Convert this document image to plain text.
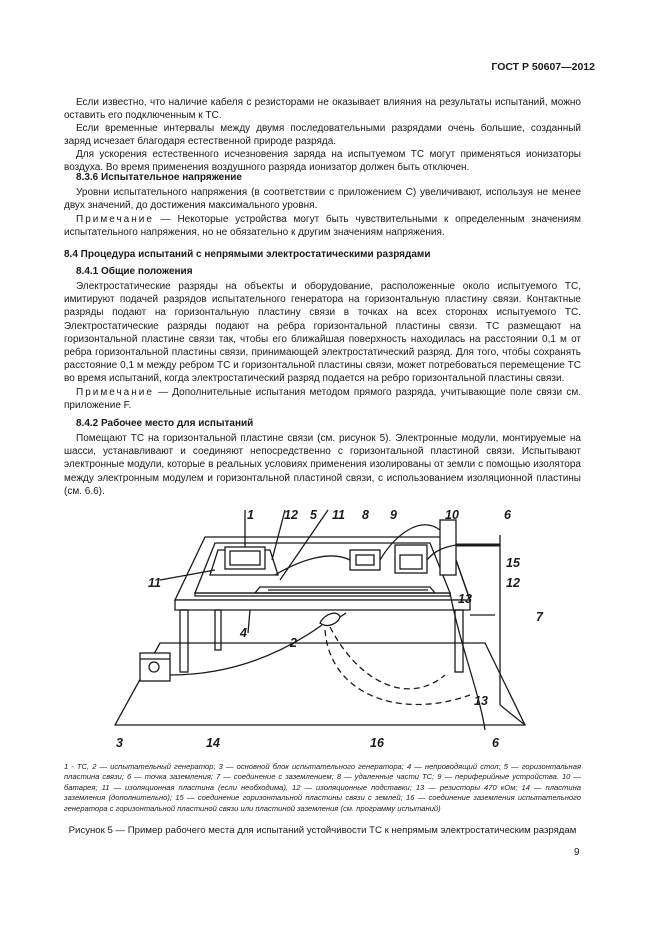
ГОСТ Р 50607—2012
Если известно, что наличие кабеля с резисторами не оказывает влияния на результаты испытаний, можно оставить его подключенным к ТС.
Если временные интервалы между двумя последовательными разрядами очень большие, созданный заряд исчезает благодаря естественной природе разряда.
Для ускорения естественного исчезновения заряда на испытуемом ТС могут применяться ионизаторы воздуха. Во время применения воздушного разряда ионизатор должен быть отключен.
8.3.6 Испытательное напряжение
Уровни испытательного напряжения (в соответствии с приложением С) увеличивают, используя не менее двух значений, до достижения максимального уровня.
Примечание — Некоторые устройства могут быть чувствительными к определенным значениям испытательного напряжения, но не обязательно к другим значениям напряжения.
8.4 Процедура испытаний с непрямыми электростатическими разрядами
8.4.1 Общие положения
Электростатические разряды на объекты и оборудование, расположенные около испытуемого ТС, имитируют подачей разрядов испытательного генератора на горизонтальную пластину связи. Контактные разряды подают на горизонтальную пластину связи в точках на всех сторонах испытуемого ТС. Электростатические разряды подают на ребра горизонтальной пластины связи. ТС размещают на горизонтальной пластине связи так, чтобы его ближайшая поверхность находилась на расстоянии 0,1 м от ребра горизонтальной пластины связи, принимающей электростатический разряд. Для того, чтобы сохранять расстояние 0,1 м между ребром ТС и горизонтальной пластины связи, может потребоваться перемещение ТС во время испытаний, когда электростатический разряд подается на ребро горизонтальной пластины связи.
Примечание — Дополнительные испытания методом прямого разряда, учитывающие поле связи см. приложение F.
8.4.2 Рабочее место для испытаний
Помещают ТС на горизонтальной пластине связи (см. рисунок 5). Электронные модули, монтируемые на шасси, устанавливают и соединяют непосредственно с горизонтальной пластиной связи. Испытывают электронные модули, которые в реальных условиях применения изолированы от земли с помощью изолятора между электронным модулем и горизонтальной пластиной связи, с использованием изоляционной пластины (см. 6.6).
1 12 5 11 8 9	10	6
11
4
2
15
12
13
7
13
3	14	16	6
1 - ТС, 2 — испытательный генератор; 3 — основной блок испытательного генератора; 4 — непроводящий стол; 5 — горизонтальная пластина связи; 6 — точка заземления; 7 — соединение с заземлением; 8 — удаленные части ТС; 9 — периферийные устройства. 10 — батарея; 11 — изоляционная пластина (если необходима), 12 — изоляционные подставки; 13 — резисторы 470 кОм; 14 — пластина заземления (дополнительно); 15 — соединение горизонтальной пластины связи с землей; 16 — соединение заземления испытательного генератора с горизонтальной пластиной связи или пластиной заземления (см. программу испытаний)
Рисунок 5 — Пример рабочего места для испытаний устойчивости ТС к непрямым электростатическим разрядам
9
